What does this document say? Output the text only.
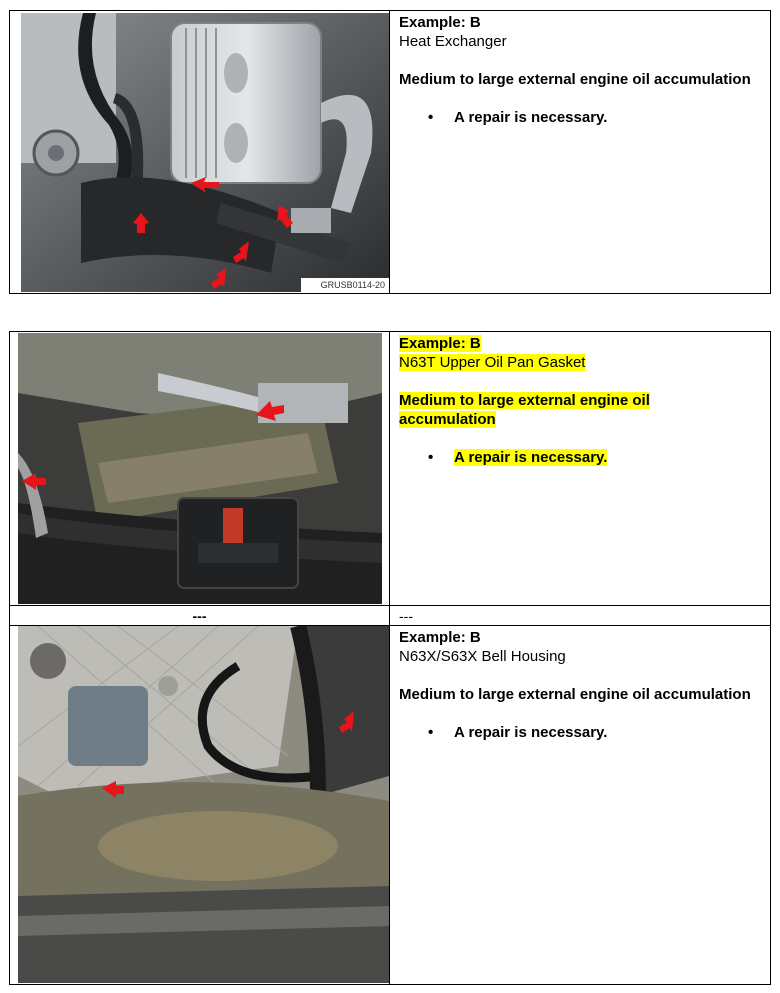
GRUSB0114-20
Example: B
Heat Exchanger
Medium to large external engine oil accumulation
• A repair is necessary.
Example: B
N63T Upper Oil Pan Gasket
Medium to large external engine oil
accumulation
• A repair is necessary.
---	---
Example: B
N63X/S63X Bell Housing
Medium to large external engine oil accumulation
• A repair is necessary.
